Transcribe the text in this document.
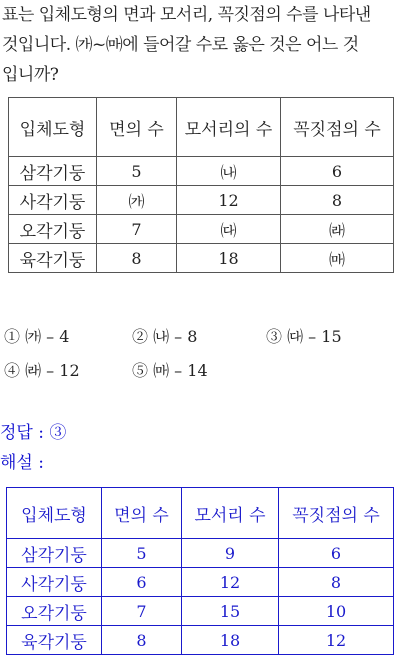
표는 입체도형의 면과 모서리, 꼭짓점의 수를 나타낸

것입니다. ㈎~㈒에 들어갈 수로 옳은 것은 어느 것

입니까?

입체도형	면의 수	모서리의 수	꼭짓점의 수
삼각기둥	5	㈏	6
사각기둥	㈎	12	8
오각기둥	7	㈐	㈑
육각기둥	8	18	㈒
① ㈎ – 4	② ㈏ – 8	③ ㈐ – 15
④ ㈑ – 12	⑤ ㈒ – 14

정답 : ③

해설 :

입체도형	면의 수	모서리 수	꼭짓점의 수
삼각기둥	5	9	6
사각기둥	6	12	8
오각기둥	7	15	10
육각기둥	8	18	12
